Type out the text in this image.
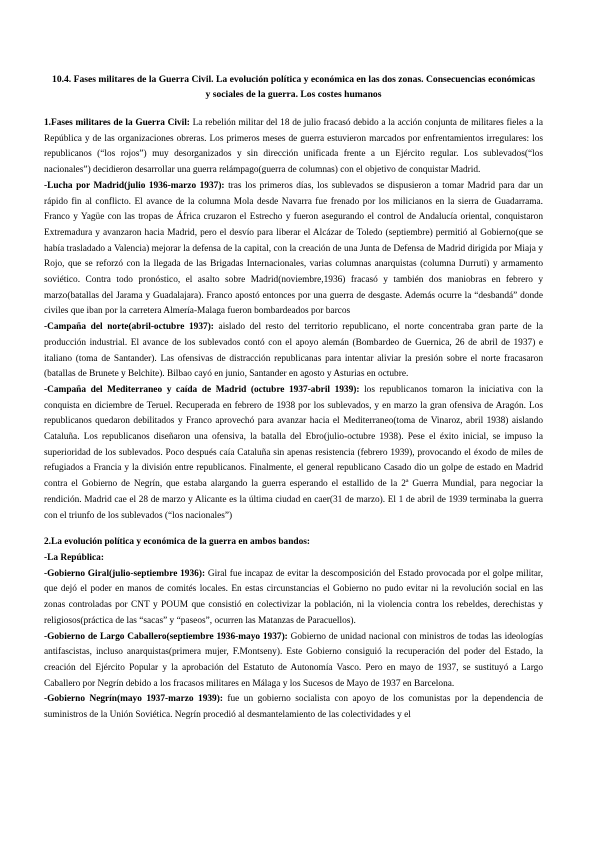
10.4. Fases militares de la Guerra Civil. La evolución política y económica en las dos zonas. Consecuencias económicas y sociales de la guerra. Los costes humanos

1.Fases militares de la Guerra Civil: La rebelión militar del 18 de julio fracasó debido a la acción conjunta de militares fieles a la República y de las organizaciones obreras. Los primeros meses de guerra estuvieron marcados por enfrentamientos irregulares: los republicanos (“los rojos”) muy desorganizados y sin dirección unificada frente a un Ejército regular. Los sublevados(“los nacionales”) decidieron desarrollar una guerra relámpago(guerra de columnas) con el objetivo de conquistar Madrid.

-Lucha por Madrid(julio 1936-marzo 1937): tras los primeros días, los sublevados se dispusieron a tomar Madrid para dar un rápido fin al conflicto. El avance de la columna Mola desde Navarra fue frenado por los milicianos en la sierra de Guadarrama. Franco y Yagüe con las tropas de África cruzaron el Estrecho y fueron asegurando el control de Andalucía oriental, conquistaron Extremadura y avanzaron hacia Madrid, pero el desvío para liberar el Alcázar de Toledo (septiembre) permitió al Gobierno(que se había trasladado a Valencia) mejorar la defensa de la capital, con la creación de una Junta de Defensa de Madrid dirigida por Miaja y Rojo, que se reforzó con la llegada de las Brigadas Internacionales, varias columnas anarquistas (columna Durruti) y armamento soviético. Contra todo pronóstico, el asalto sobre Madrid(noviembre,1936) fracasó y también dos maniobras en febrero y marzo(batallas del Jarama y Guadalajara). Franco apostó entonces por una guerra de desgaste. Además ocurre la “desbandá” donde civiles que iban por la carretera Almería-Malaga fueron bombardeados por barcos

-Campaña del norte(abril-octubre 1937): aislado del resto del territorio republicano, el norte concentraba gran parte de la producción industrial. El avance de los sublevados contó con el apoyo alemán (Bombardeo de Guernica, 26 de abril de 1937) e italiano (toma de Santander). Las ofensivas de distracción republicanas para intentar aliviar la presión sobre el norte fracasaron (batallas de Brunete y Belchite). Bilbao cayó en junio, Santander en agosto y Asturias en octubre.

-Campaña del Mediterraneo y caída de Madrid (octubre 1937-abril 1939): los republicanos tomaron la iniciativa con la conquista en diciembre de Teruel. Recuperada en febrero de 1938 por los sublevados, y en marzo la gran ofensiva de Aragón. Los republicanos quedaron debilitados y Franco aprovechó para avanzar hacia el Mediterraneo(toma de Vinaroz, abril 1938) aislando Cataluña. Los republicanos diseñaron una ofensiva, la batalla del Ebro(julio-octubre 1938). Pese el éxito inicial, se impuso la superioridad de los sublevados. Poco después caía Cataluña sin apenas resistencia (febrero 1939), provocando el éxodo de miles de refugiados a Francia y la división entre republicanos. Finalmente, el general republicano Casado dio un golpe de estado en Madrid contra el Gobierno de Negrín, que estaba alargando la guerra esperando el estallido de la 2ª Guerra Mundial, para negociar la rendición. Madrid cae el 28 de marzo y Alicante es la última ciudad en caer(31 de marzo). El 1 de abril de 1939 terminaba la guerra con el triunfo de los sublevados (“los nacionales”)

2.La evolución política y económica de la guerra en ambos bandos:

-La República:

-Gobierno Giral(julio-septiembre 1936): Giral fue incapaz de evitar la descomposición del Estado provocada por el golpe militar, que dejó el poder en manos de comités locales. En estas circunstancias el Gobierno no pudo evitar ni la revolución social en las zonas controladas por CNT y POUM que consistió en colectivizar la población, ni la violencia contra los rebeldes, derechistas y religiosos(práctica de las “sacas” y “paseos”, ocurren las Matanzas de Paracuellos).

-Gobierno de Largo Caballero(septiembre 1936-mayo 1937): Gobierno de unidad nacional con ministros de todas las ideologías antifascistas, incluso anarquistas(primera mujer, F.Montseny). Este Gobierno consiguió la recuperación del poder del Estado, la creación del Ejército Popular y la aprobación del Estatuto de Autonomía Vasco. Pero en mayo de 1937, se sustituyó a Largo Caballero por Negrín debido a los fracasos militares en Málaga y los Sucesos de Mayo de 1937 en Barcelona.

-Gobierno Negrín(mayo 1937-marzo 1939): fue un gobierno socialista con apoyo de los comunistas por la dependencia de suministros de la Unión Soviética. Negrín procedió al desmantelamiento de las colectividades y el
